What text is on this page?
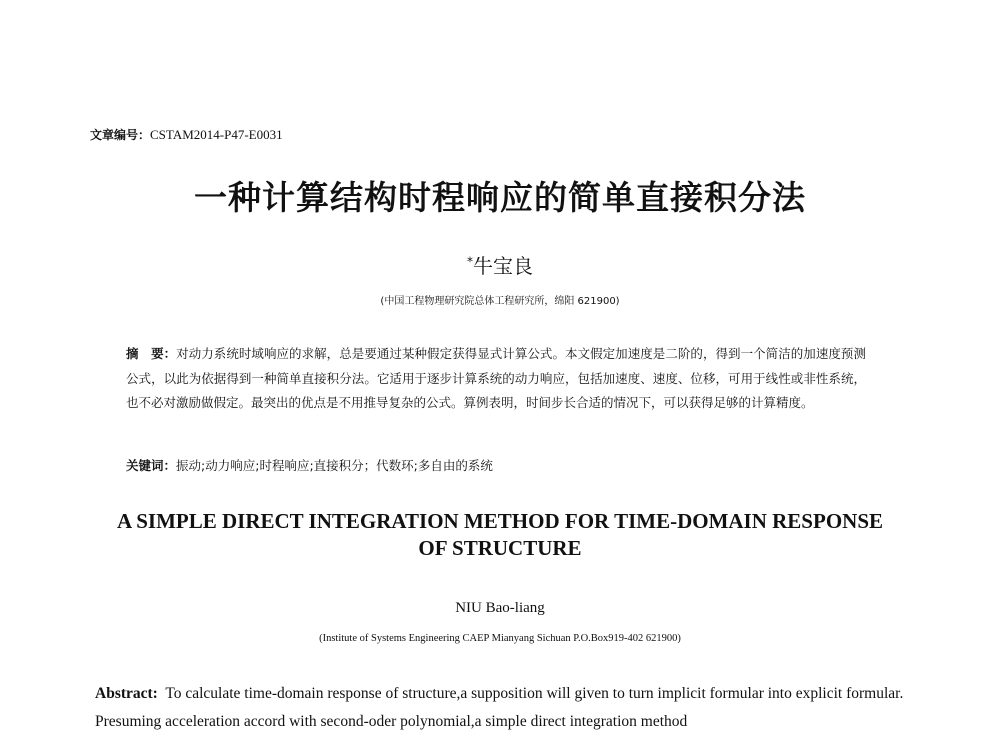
文章编号：CSTAM2014-P47-E0031
一种计算结构时程响应的简单直接积分法
*牛宝良
(中国工程物理研究院总体工程研究所，绵阳 621900)
摘　要：对动力系统时域响应的求解，总是要通过某种假定获得显式计算公式。本文假定加速度是二阶的，得到一个简洁的加速度预测公式，以此为依据得到一种简单直接积分法。它适用于逐步计算系统的动力响应，包括加速度、速度、位移，可用于线性或非性系统，也不必对激励做假定。最突出的优点是不用推导复杂的公式。算例表明，时间步长合适的情况下，可以获得足够的计算精度。
关键词：振动;动力响应;时程响应;直接积分；代数环;多自由的系统
A SIMPLE DIRECT INTEGRATION METHOD FOR TIME-DOMAIN RESPONSE OF STRUCTURE
NIU Bao-liang
(Institute of Systems Engineering CAEP Mianyang Sichuan P.O.Box919-402 621900)
Abstract: To calculate time-domain response of structure,a supposition will given to turn implicit formular into explicit formular. Presuming acceleration accord with second-oder polynomial,a simple direct integration method
